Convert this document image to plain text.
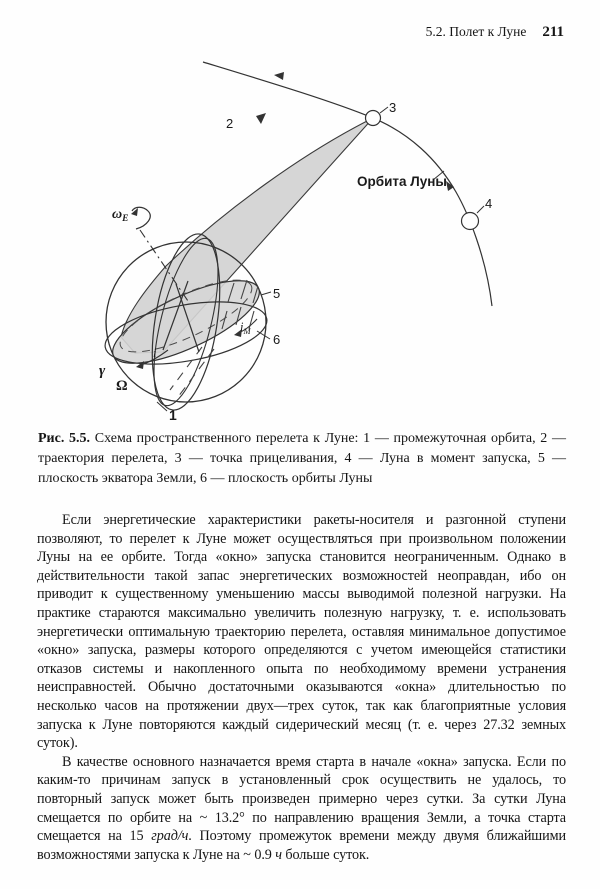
5.2. Полет к Луне 211
2
3
4
5
6
1
Орбита Луны
$\omega_E$
γ
Ω
i
$i_M$

Рис. 5.5. Схема пространственного перелета к Луне: 1 — промежуточная орбита, 2 — траектория перелета, 3 — точка прицеливания, 4 — Луна в момент запуска, 5 — плоскость экватора Земли, 6 — плоскость орбиты Луны

Если энергетические характеристики ракеты-носителя и разгонной ступени позволяют, то перелет к Луне может осуществляться при произвольном положении Луны на ее орбите. Тогда «окно» запуска становится неограниченным. Однако в действительности такой запас энергетических возможностей неоправдан, ибо он приводит к существенному уменьшению массы выводимой полезной нагрузки. На практике стараются максимально увеличить полезную нагрузку, т. е. использовать энергетически оптимальную траекторию перелета, оставляя минимальное допустимое «окно» запуска, размеры которого определяются с учетом имеющейся статистики отказов системы и накопленного опыта по необходимому времени устранения неисправностей. Обычно достаточными оказываются «окна» длительностью по несколько часов на протяжении двух—трех суток, так как благоприятные условия запуска к Луне повторяются каждый сидерический месяц (т. е. через 27.32 земных суток).

В качестве основного назначается время старта в начале «окна» запуска. Если по каким-то причинам запуск в установленный срок осуществить не удалось, то повторный запуск может быть произведен примерно через сутки. За сутки Луна смещается по орбите на ~ 13.2° по направлению вращения Земли, а точка старта смещается на 15 град/ч. Поэтому промежуток времени между двумя ближайшими возможностями запуска к Луне на ~ 0.9 ч больше суток.
